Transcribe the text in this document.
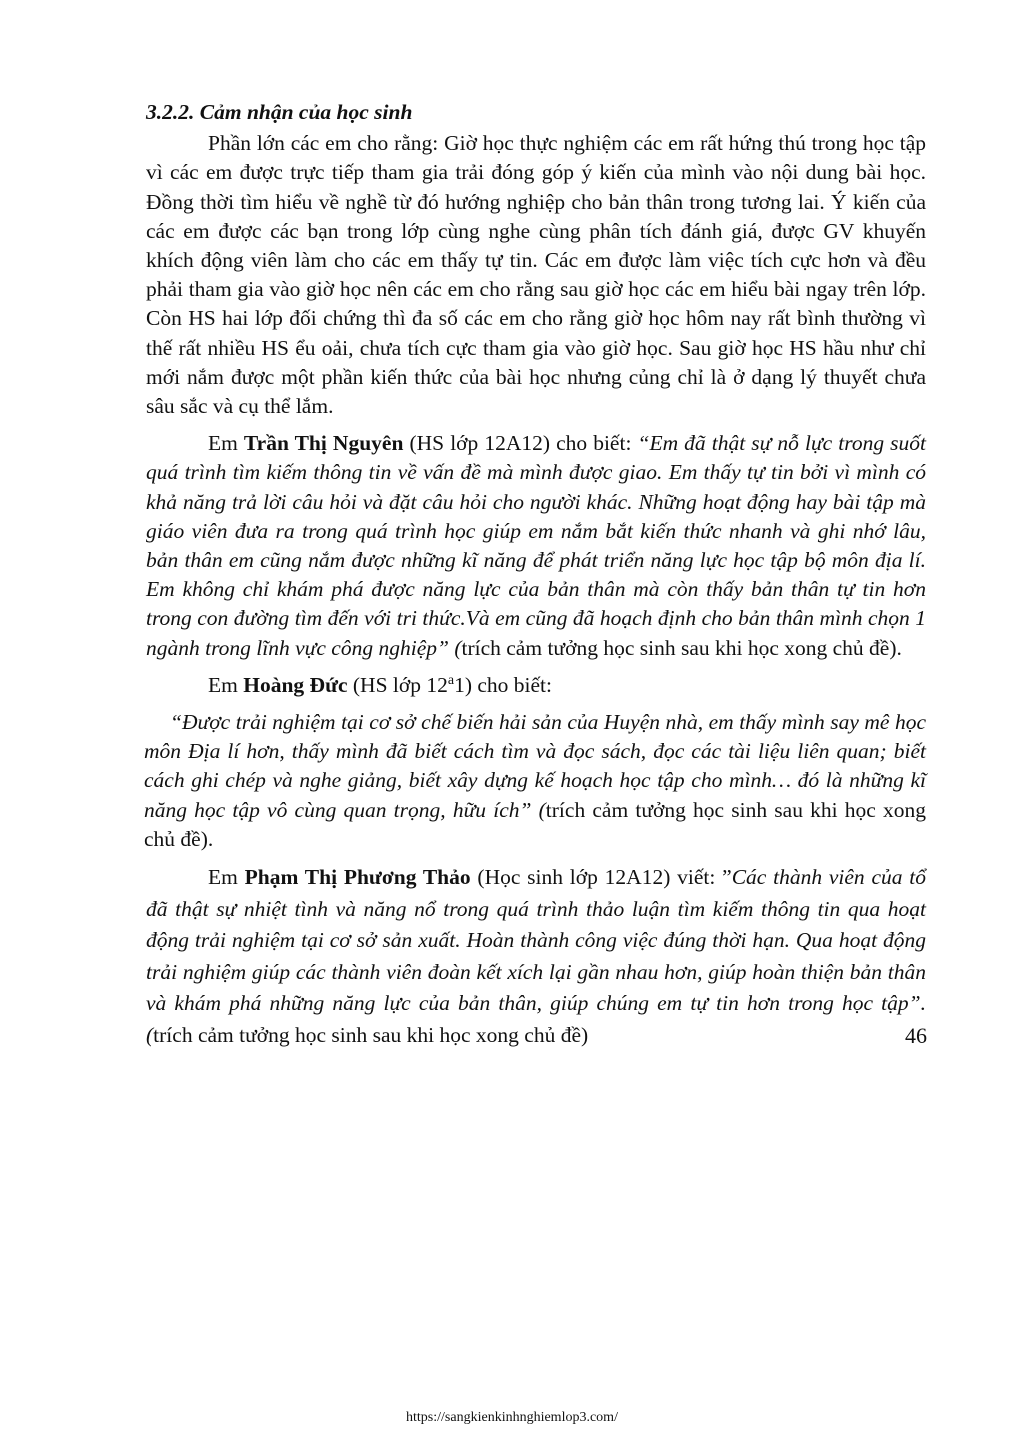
3.2.2. Cảm nhận của học sinh

Phần lớn các em cho rằng: Giờ học thực nghiệm các em rất hứng thú trong học tập vì các em được trực tiếp tham gia trải đóng góp ý kiến của mình vào nội dung bài học. Đồng thời tìm hiểu về nghề từ đó hướng nghiệp cho bản thân trong tương lai. Ý kiến của các em được các bạn trong lớp cùng nghe cùng phân tích đánh giá, được GV khuyến khích động viên làm cho các em thấy tự tin. Các em được làm việc tích cực hơn và đều phải tham gia vào giờ học nên các em cho rằng sau giờ học các em hiểu bài ngay trên lớp. Còn HS hai lớp đối chứng thì đa số các em cho rằng giờ học hôm nay rất bình thường vì thế rất nhiều HS ểu oải, chưa tích cực tham gia vào giờ học. Sau giờ học HS hầu như chỉ mới nắm được một phần kiến thức của bài học nhưng củng chỉ là ở dạng lý thuyết chưa sâu sắc và cụ thể lắm.

Em Trần Thị Nguyên (HS lớp 12A12) cho biết: “Em đã thật sự nỗ lực trong suốt quá trình tìm kiếm thông tin về vấn đề mà mình được giao. Em thấy tự tin bởi vì mình có khả năng trả lời câu hỏi và đặt câu hỏi cho người khác. Những hoạt động hay bài tập mà giáo viên đưa ra trong quá trình học giúp em nắm bắt kiến thức nhanh và ghi nhớ lâu, bản thân em cũng nắm được những kĩ năng để phát triển năng lực học tập bộ môn địa lí. Em không chỉ khám phá được năng lực của bản thân mà còn thấy bản thân tự tin hơn trong con đường tìm đến với tri thức.Và em cũng đã hoạch định cho bản thân mình chọn 1 ngành trong lĩnh vực công nghiệp” (trích cảm tưởng học sinh sau khi học xong chủ đề).

Em Hoàng Đức (HS lớp 12$^a$1) cho biết:

“Được trải nghiệm tại cơ sở chế biến hải sản của Huyện nhà, em thấy mình say mê học môn Địa lí hơn, thấy mình đã biết cách tìm và đọc sách, đọc các tài liệu liên quan; biết cách ghi chép và nghe giảng, biết xây dựng kế hoạch học tập cho mình… đó là những kĩ năng học tập vô cùng quan trọng, hữu ích” (trích cảm tưởng học sinh sau khi học xong chủ đề).

Em Phạm Thị Phương Thảo (Học sinh lớp 12A12) viết: ”Các thành viên của tổ đã thật sự nhiệt tình và năng nổ trong quá trình thảo luận tìm kiếm thông tin qua hoạt động trải nghiệm tại cơ sở sản xuất. Hoàn thành công việc đúng thời hạn. Qua hoạt động trải nghiệm giúp các thành viên đoàn kết xích lại gần nhau hơn, giúp hoàn thiện bản thân và khám phá những năng lực của bản thân, giúp chúng em tự tin hơn trong học tập”. (trích cảm tưởng học sinh sau khi học xong chủ đề)	46
https://sangkienkinhnghiemlop3.com/
